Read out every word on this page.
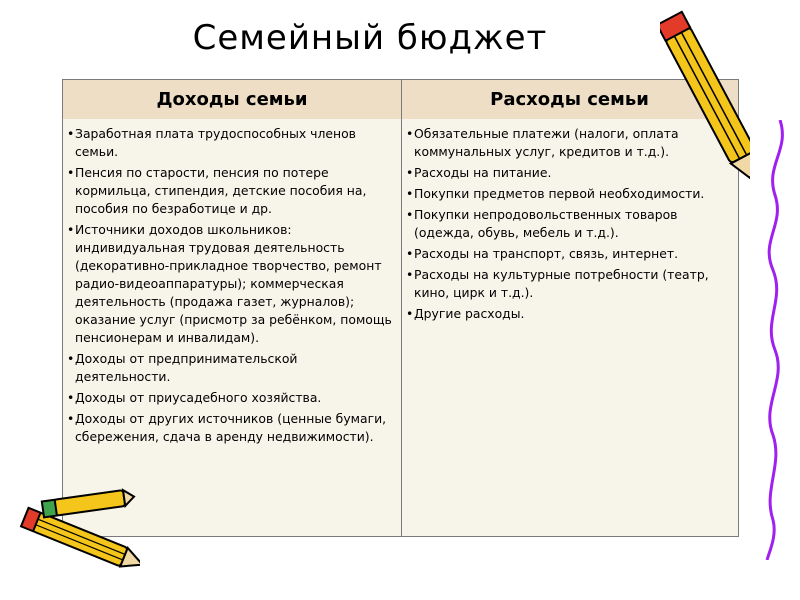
Семейный бюджет
Доходы семьи	Расходы семьи
• Заработная плата трудоспособных членов семьи.
• Пенсия по старости, пенсия по потере кормильца, стипендия, детские пособия на, пособия по безработице и др.
• Источники доходов школьников: индивидуальная трудовая деятельность (декоративно-прикладное творчество, ремонт радио-видеоаппаратуры); коммерческая деятельность (продажа газет, журналов); оказание услуг (присмотр за ребёнком, помощь пенсионерам и инвалидам).
• Доходы от предпринимательской деятельности.
• Доходы от приусадебного хозяйства.
• Доходы от других источников (ценные бумаги, сбережения, сдача в аренду недвижимости).
• Обязательные платежи (налоги, оплата коммунальных услуг, кредитов и т.д.).
• Расходы на питание.
• Покупки предметов первой необходимости.
• Покупки непродовольственных товаров (одежда, обувь, мебель и т.д.).
• Расходы на транспорт, связь, интернет.
• Расходы на культурные потребности (театр, кино, цирк и т.д.).
• Другие расходы.
